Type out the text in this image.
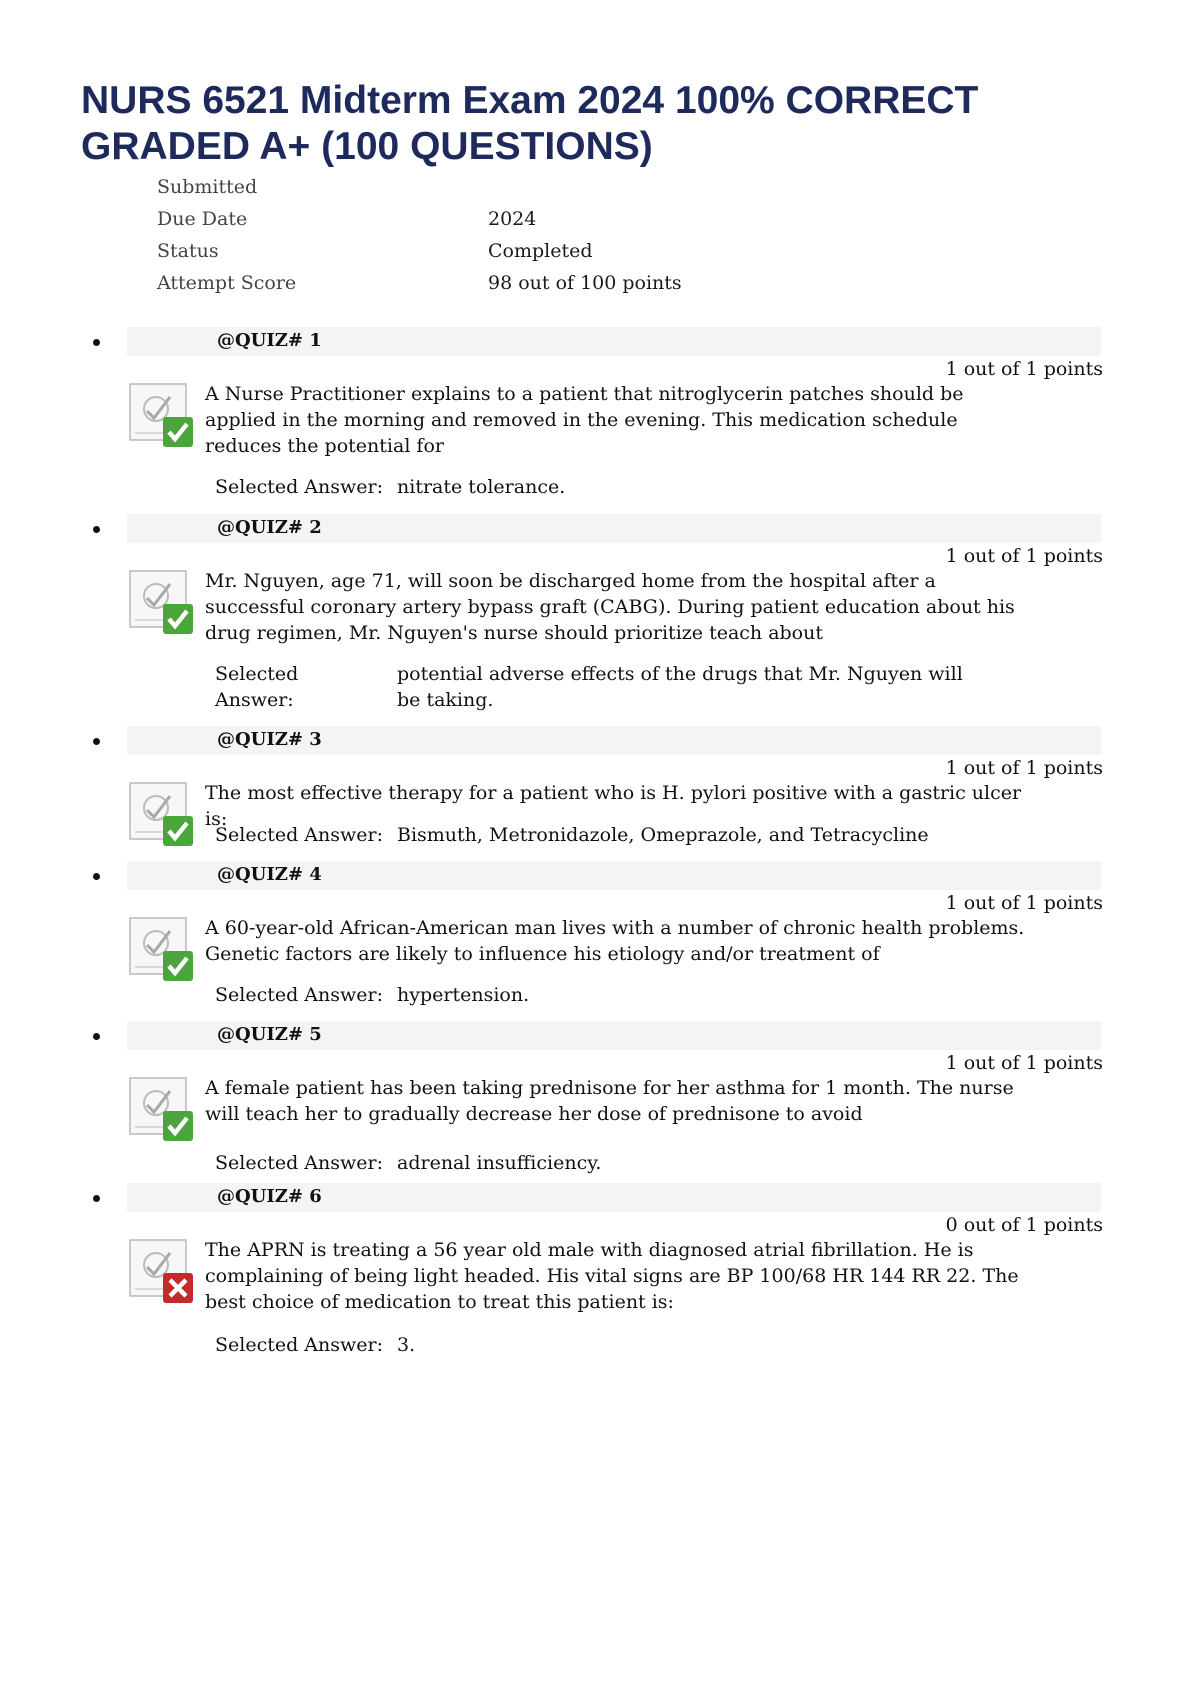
NURS 6521 Midterm Exam 2024 100% CORRECT GRADED A+ (100 QUESTIONS)
Submitted
Due Date	2024
Status	Completed
Attempt Score	98 out of 100 points
@QUIZ# 1
1 out of 1 points

A Nurse Practitioner explains to a patient that nitroglycerin patches should be applied in the morning and removed in the evening. This medication schedule reduces the potential for

Selected Answer: nitrate tolerance.
@QUIZ# 2
1 out of 1 points

Mr. Nguyen, age 71, will soon be discharged home from the hospital after a successful coronary artery bypass graft (CABG). During patient education about his drug regimen, Mr. Nguyen's nurse should prioritize teach about

Selected Answer:
potential adverse effects of the drugs that Mr. Nguyen will be taking.
@QUIZ# 3
1 out of 1 points

The most effective therapy for a patient who is H. pylori positive with a gastric ulcer is:

Selected Answer: Bismuth, Metronidazole, Omeprazole, and Tetracycline
@QUIZ# 4
1 out of 1 points

A 60-year-old African-American man lives with a number of chronic health problems. Genetic factors are likely to influence his etiology and/or treatment of

Selected Answer: hypertension.
@QUIZ# 5
1 out of 1 points

A female patient has been taking prednisone for her asthma for 1 month. The nurse will teach her to gradually decrease her dose of prednisone to avoid

Selected Answer: adrenal insufficiency.
@QUIZ# 6
0 out of 1 points

The APRN is treating a 56 year old male with diagnosed atrial fibrillation. He is complaining of being light headed. His vital signs are BP 100/68 HR 144 RR 22. The best choice of medication to treat this patient is:

Selected Answer: 3.
